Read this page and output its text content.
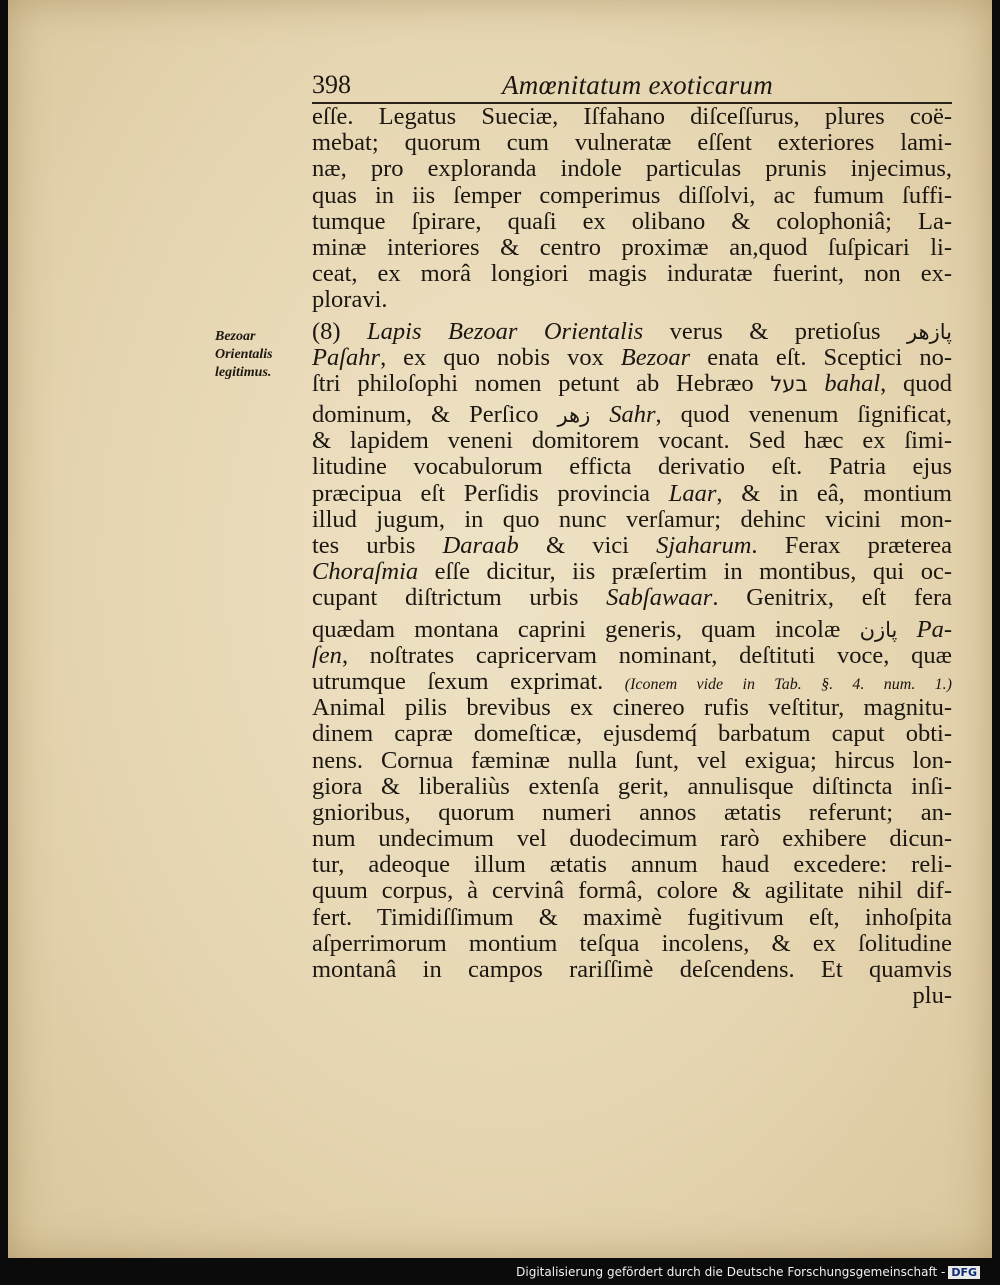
398	Amœnitatum exoticarum
Bezoar
Orientalis
legitimus.
eſſe. Legatus Sueciæ, Iſfahano diſceſſurus, plures coë-
mebat; quorum cum vulneratæ eſſent exteriores lami-
næ, pro exploranda indole particulas prunis injecimus,
quas in iis ſemper comperimus diſſolvi, ac fumum ſuffi-
tumque ſpirare, quaſi ex olibano & colophoniâ; La-
minæ interiores & centro proximæ an,quod ſuſpicari li-
ceat, ex morâ longiori magis induratæ fuerint, non ex-
ploravi.
(8) Lapis Bezoar Orientalis verus & pretioſus پازهر
Paſahr, ex quo nobis vox Bezoar enata eſt. Sceptici no-
ſtri philoſophi nomen petunt ab Hebræo בעל bahal, quod
dominum, & Perſico زهر Sahr, quod venenum ſignificat,
& lapidem veneni domitorem vocant. Sed hæc ex ſimi-
litudine vocabulorum efficta derivatio eſt. Patria ejus
præcipua eſt Perſidis provincia Laar, & in eâ, montium
illud jugum, in quo nunc verſamur; dehinc vicini mon-
tes urbis Daraab & vici Sjaharum. Ferax præterea
Choraſmia eſſe dicitur, iis præſertim in montibus, qui oc-
cupant diſtrictum urbis Sabſawaar. Genitrix, eſt fera
quædam montana caprini generis, quam incolæ پازن Pa-
ſen, noſtrates capricervam nominant, deſtituti voce, quæ
utrumque ſexum exprimat. (Iconem vide in Tab. §. 4. num. 1.)
Animal pilis brevibus ex cinereo rufis veſtitur, magnitu-
dinem capræ domeſticæ, ejusdemq́ barbatum caput obti-
nens. Cornua fæminæ nulla ſunt, vel exigua; hircus lon-
giora & liberaliùs extenſa gerit, annulisque diſtincta inſi-
gnioribus, quorum numeri annos ætatis referunt; an-
num undecimum vel duodecimum rarò exhibere dicun-
tur, adeoque illum ætatis annum haud excedere: reli-
quum corpus, à cervinâ formâ, colore & agilitate nihil dif-
fert. Timidiſſimum & maximè fugitivum eſt, inhoſpita
aſperrimorum montium teſqua incolens, & ex ſolitudine
montanâ in campos rariſſimè deſcendens. Et quamvis
plu-
Digitalisierung gefördert durch die Deutsche Forschungsgemeinschaft - DFG
